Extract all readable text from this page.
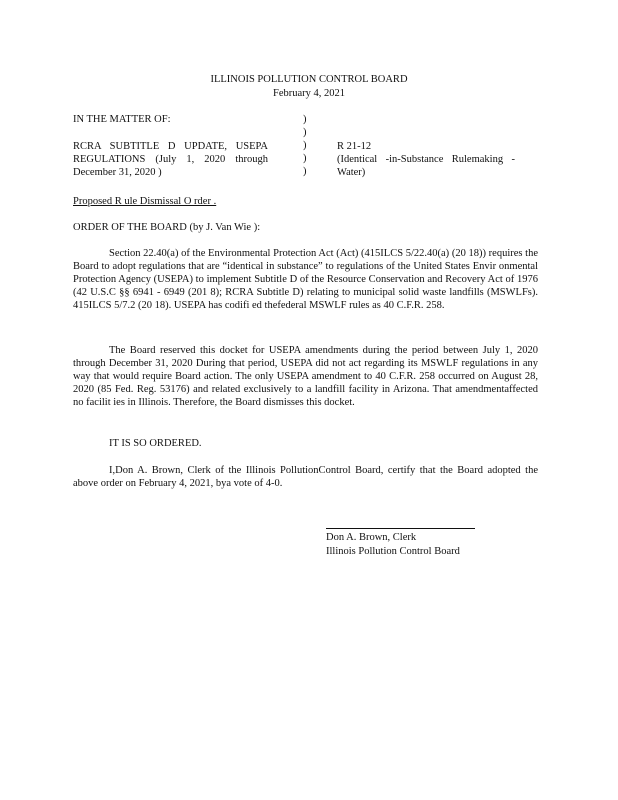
ILLINOIS POLLUTION CONTROL BOARD
February 4, 2021
IN THE MATTER OF:
RCRA SUBTITLE D UPDATE, USEPA
REGULATIONS (July 1, 2020 through
December 31, 2020 )
)
)
)
)
)
R 21-12
(Identical -in-Substance Rulemaking -
Water)
Proposed R ule Dismissal O rder .
ORDER OF THE BOARD (by J. Van Wie ):
Section 22.40(a) of the Environmental Protection Act (Act) (415ILCS 5/22.40(a) (20 18)) requires the Board to adopt regulations that are “identical in substance” to regulations of the United States Envir onmental Protection Agency (USEPA) to implement Subtitle D of the Resource Conservation and Recovery Act of 1976 (42 U.S.C §§ 6941 - 6949 (201 8); RCRA Subtitle D) relating to municipal solid waste landfills (MSWLFs). 415ILCS 5/7.2 (20 18). USEPA has codifi ed thefederal MSWLF rules as 40 C.F.R. 258.
The Board reserved this docket for USEPA amendments during the period between July 1, 2020 through December 31, 2020 During that period, USEPA did not act regarding its MSWLF regulations in any way that would require Board action. The only USEPA amendment to 40 C.F.R. 258 occurred on August 28, 2020 (85 Fed. Reg. 53176) and related exclusively to a landfill facility in Arizona. That amendmentaffected no facilit ies in Illinois. Therefore, the Board dismisses this docket.
IT IS SO ORDERED.
I,Don A. Brown, Clerk of the Illinois PollutionControl Board, certify that the Board adopted the above order on February 4, 2021, bya vote of 4-0.
Don A. Brown, Clerk
Illinois Pollution Control Board
